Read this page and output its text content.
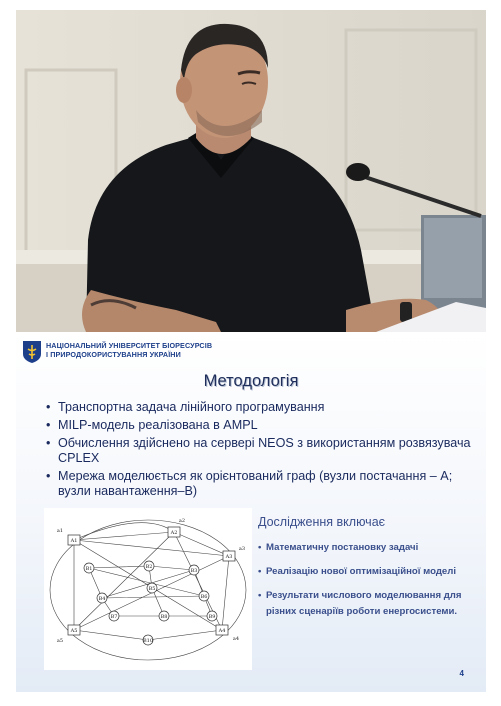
НАЦІОНАЛЬНИЙ УНІВЕРСИТЕТ БІОРЕСУРСІВ
І ПРИРОДОКОРИСТУВАННЯ УКРАЇНИ
Методологія
• Транспортна задача лінійного програмування
• MILP-модель реалізована в AMPL
• Обчислення здійснено на сервері NEOS з використанням розвязувача CPLEX
• Мережа моделюється як орієнтований граф (вузли постачання – A; вузли навантаження–B)
A1
A2
A3
A4
A5
B1	B2
B3
B4
B5
B6
B7	B8	B9
B10
a1
a2
a3
a4
a5
Дослідження включає
• Математичну постановку задачі
• Реалізацію нової оптимізаційної моделі
• Результати числового моделювання для різних сценаріїв роботи енергосистеми.
4
